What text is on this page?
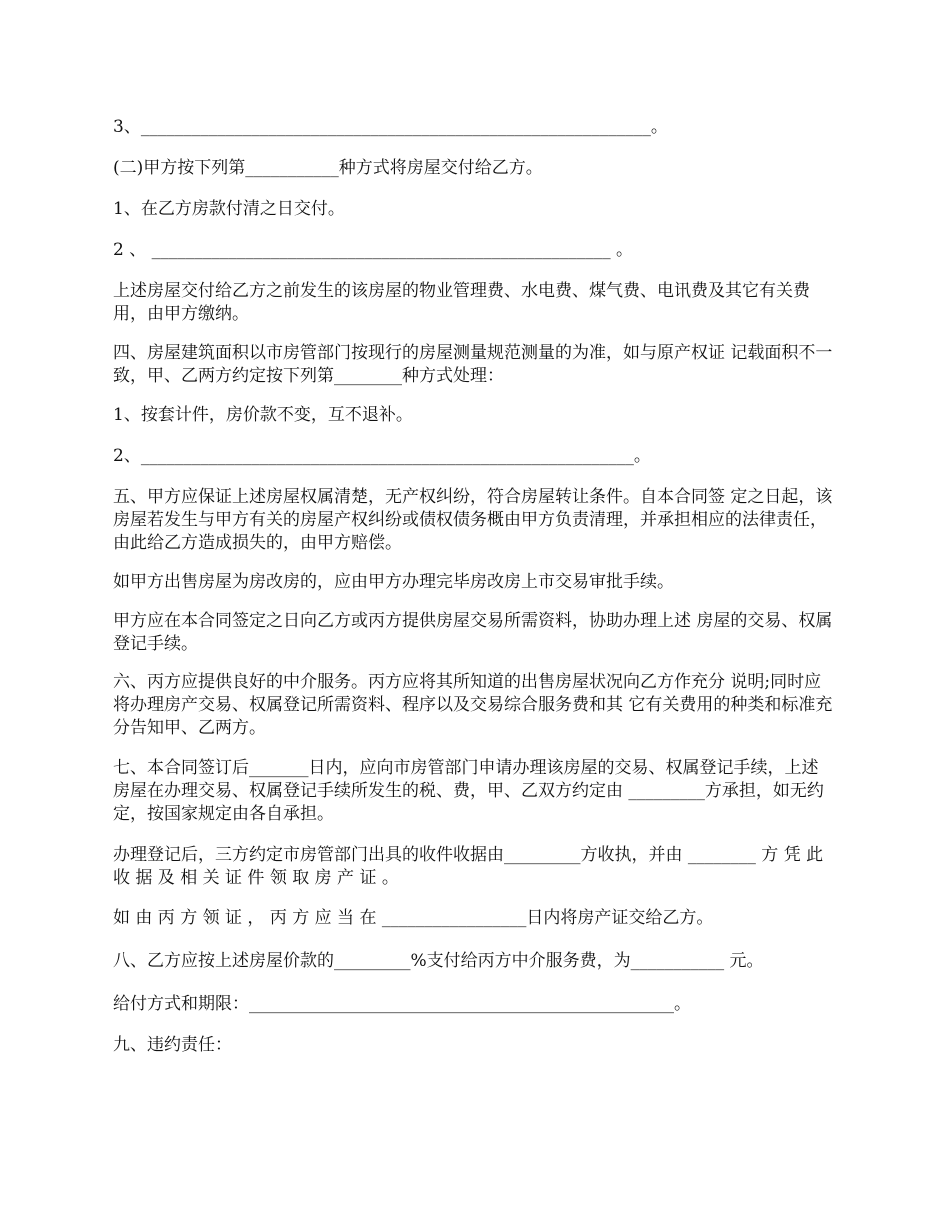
3、____________________________________________________________。

(二)甲方按下列第___________种方式将房屋交付给乙方。

1、在乙方房款付清之日交付。

2 、 ______________________________________________________ 。

上述房屋交付给乙方之前发生的该房屋的物业管理费、水电费、煤气费、电讯费及其它有关费用，由甲方缴纳。

四、房屋建筑面积以市房管部门按现行的房屋测量规范测量的为准，如与原产权证 记载面积不一致，甲、乙两方约定按下列第________种方式处理：

1、按套计件，房价款不变，互不退补。

2、__________________________________________________________。

五、甲方应保证上述房屋权属清楚，无产权纠纷，符合房屋转让条件。自本合同签 定之日起，该房屋若发生与甲方有关的房屋产权纠纷或债权债务概由甲方负责清理，并承担相应的法律责任，由此给乙方造成损失的，由甲方赔偿。

如甲方出售房屋为房改房的，应由甲方办理完毕房改房上市交易审批手续。

甲方应在本合同签定之日向乙方或丙方提供房屋交易所需资料，协助办理上述 房屋的交易、权属登记手续。

六、丙方应提供良好的中介服务。丙方应将其所知道的出售房屋状况向乙方作充分 说明;同时应将办理房产交易、权属登记所需资料、程序以及交易综合服务费和其 它有关费用的种类和标准充分告知甲、乙两方。

七、本合同签订后_______日内，应向市房管部门申请办理该房屋的交易、权属登记手续，上述房屋在办理交易、权属登记手续所发生的税、费，甲、乙双方约定由 _________方承担，如无约定，按国家规定由各自承担。

办理登记后，三方约定市房管部门出具的收件收据由_________方收执，并由 ________ 方 凭 此 收 据 及 相 关 证 件 领 取 房 产 证 。

如 由 丙 方 领 证 ， 丙 方 应 当 在 _________________日内将房产证交给乙方。

八、乙方应按上述房屋价款的_________%支付给丙方中介服务费，为___________ 元。

给付方式和期限：__________________________________________________。

九、违约责任：
